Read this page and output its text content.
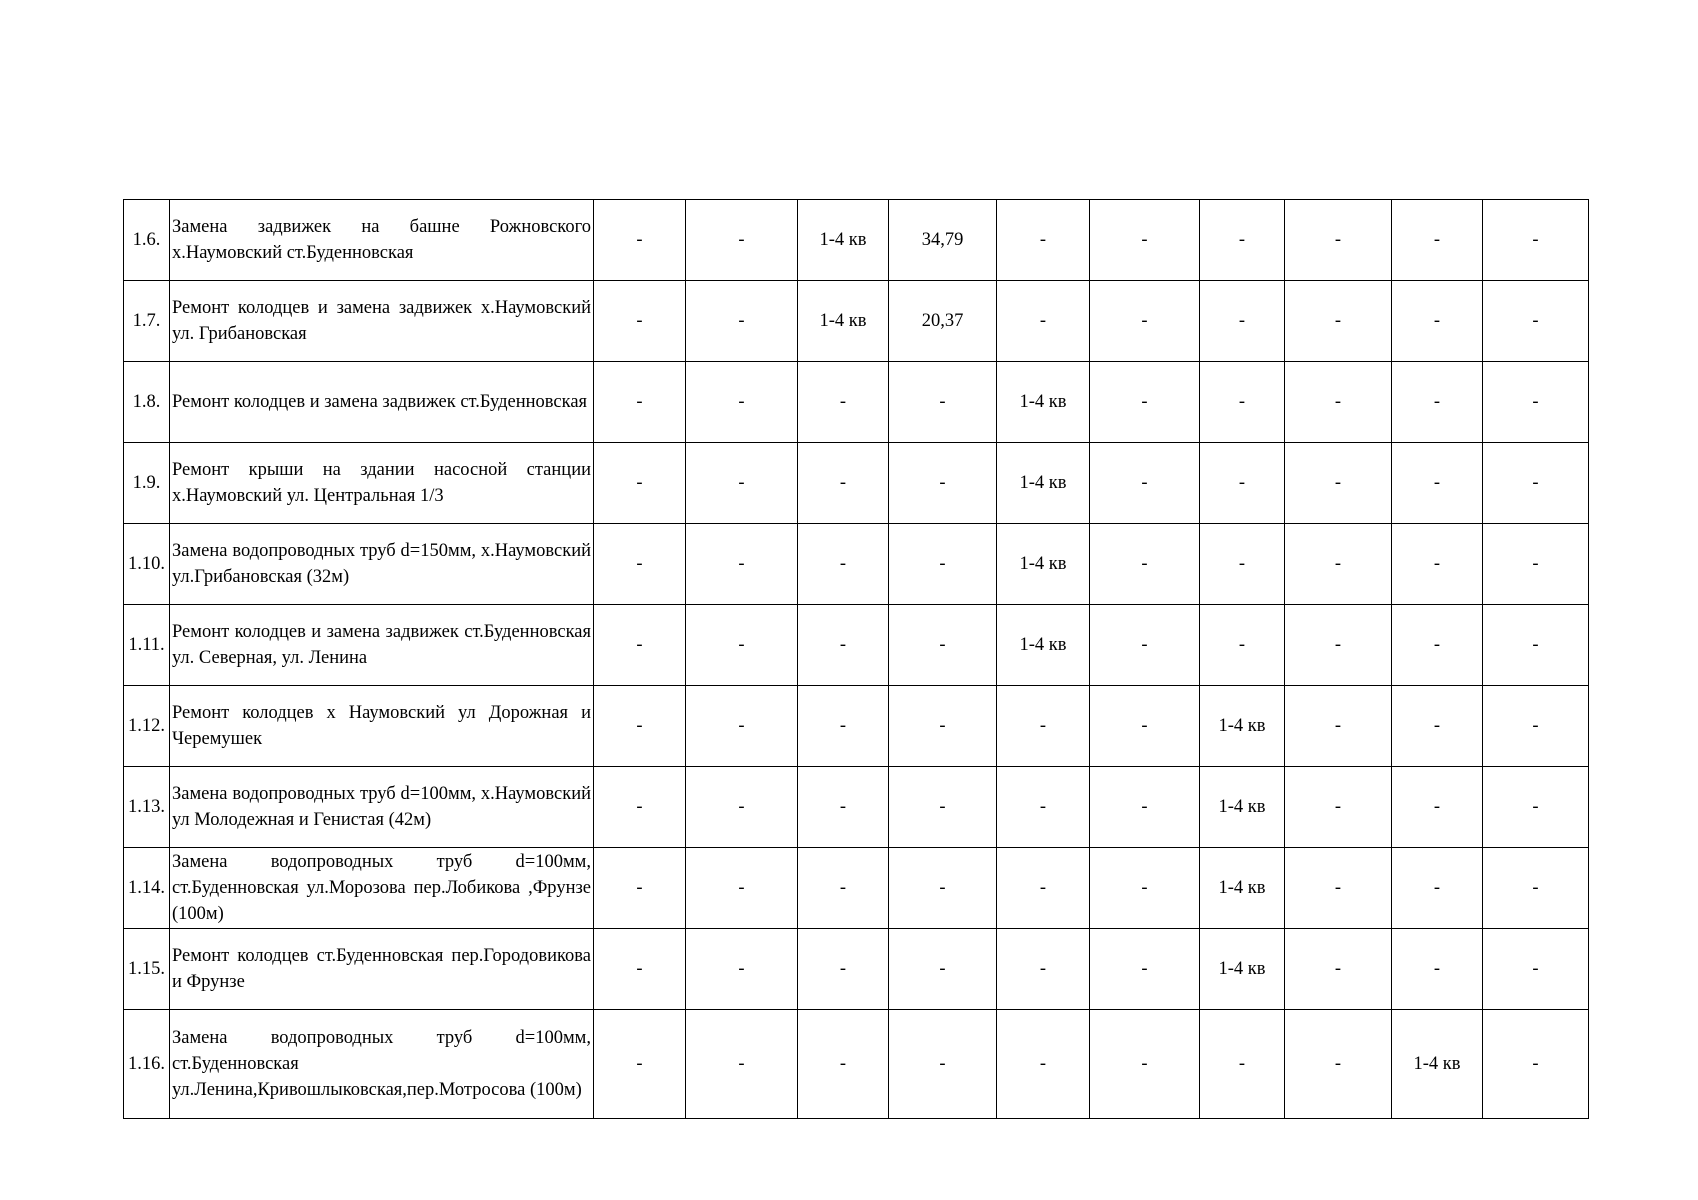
1.6.	Замена задвижек на башне Рожновского х.Наумовский ст.Буденновская	-	-	1-4 кв	34,79	-	-	-	-	-	-
1.7.	Ремонт колодцев и замена задвижек х.Наумовский ул. Грибановская	-	-	1-4 кв	20,37	-	-	-	-	-	-
1.8.	Ремонт колодцев и замена задвижек ст.Буденновская	-	-	-	-	1-4 кв	-	-	-	-	-
1.9.	Ремонт крыши на здании насосной станции х.Наумовский ул. Центральная 1/3	-	-	-	-	1-4 кв	-	-	-	-	-
1.10.	Замена водопроводных труб d=150мм, х.Наумовский ул.Грибановская (32м)	-	-	-	-	1-4 кв	-	-	-	-	-
1.11.	Ремонт колодцев и замена задвижек ст.Буденновская ул. Северная, ул. Ленина	-	-	-	-	1-4 кв	-	-	-	-	-
1.12.	Ремонт колодцев х Наумовский ул Дорожная и Черемушек	-	-	-	-	-	-	1-4 кв	-	-	-
1.13.	Замена водопроводных труб d=100мм, х.Наумовский ул Молодежная и Генистая (42м)	-	-	-	-	-	-	1-4 кв	-	-	-
1.14.	Замена водопроводных труб d=100мм, ст.Буденновская ул.Морозова пер.Лобикова ,Фрунзе (100м)	-	-	-	-	-	-	1-4 кв	-	-	-
1.15.	Ремонт колодцев ст.Буденновская пер.Городовикова и Фрунзе	-	-	-	-	-	-	1-4 кв	-	-	-
1.16.	Замена водопроводных труб d=100мм, ст.Буденновская ул.Ленина,Кривошлыковская,пер.Мотросова (100м)	-	-	-	-	-	-	-	-	1-4 кв	-
